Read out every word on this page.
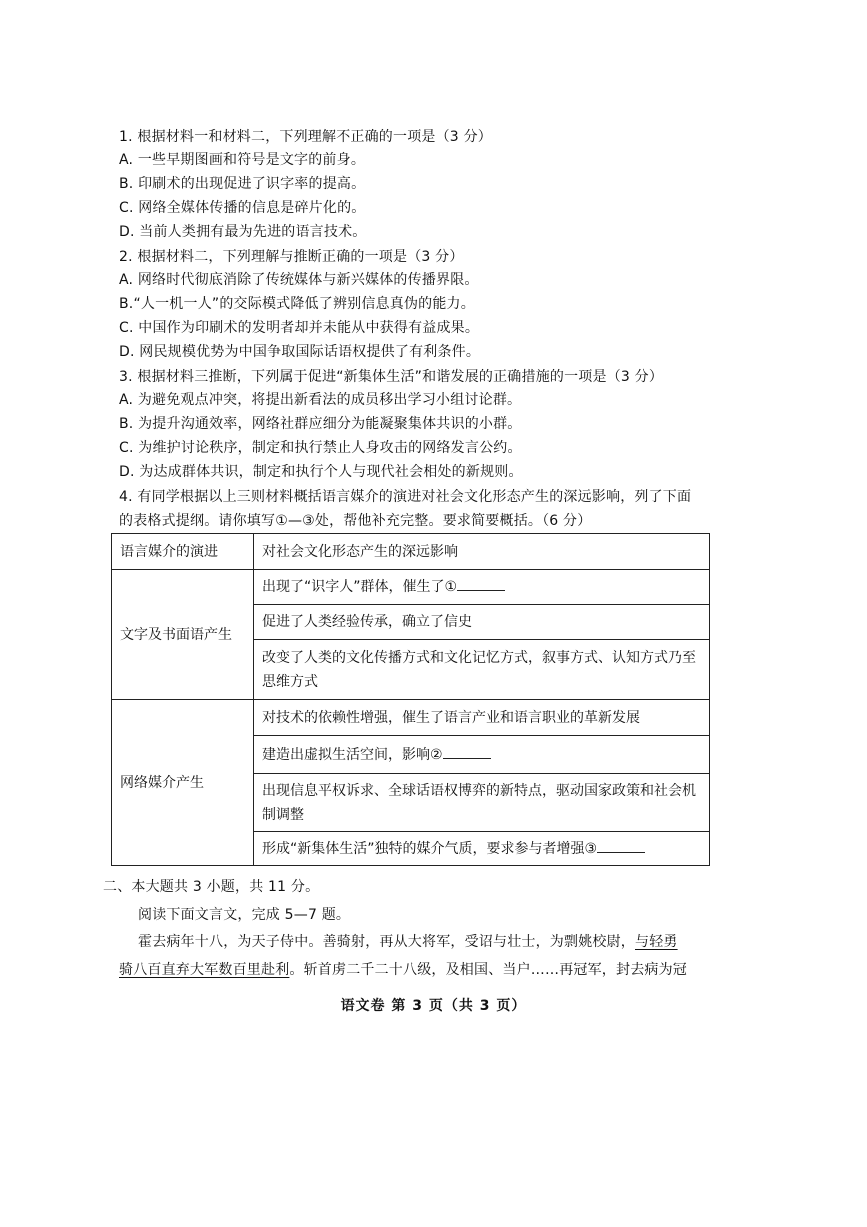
1. 根据材料一和材料二，下列理解不正确的一项是（3 分）
A. 一些早期图画和符号是文字的前身。
B. 印刷术的出现促进了识字率的提高。
C. 网络全媒体传播的信息是碎片化的。
D. 当前人类拥有最为先进的语言技术。
2. 根据材料二，下列理解与推断正确的一项是（3 分）
A. 网络时代彻底消除了传统媒体与新兴媒体的传播界限。
B.“人一机一人”的交际模式降低了辨别信息真伪的能力。
C. 中国作为印刷术的发明者却并未能从中获得有益成果。
D. 网民规模优势为中国争取国际话语权提供了有利条件。
3. 根据材料三推断，下列属于促进“新集体生活”和谐发展的正确措施的一项是（3 分）
A. 为避免观点冲突，将提出新看法的成员移出学习小组讨论群。
B. 为提升沟通效率，网络社群应细分为能凝聚集体共识的小群。
C. 为维护讨论秩序，制定和执行禁止人身攻击的网络发言公约。
D. 为达成群体共识，制定和执行个人与现代社会相处的新规则。
4. 有同学根据以上三则材料概括语言媒介的演进对社会文化形态产生的深远影响，列了下面
的表格式提纲。请你填写①—③处，帮他补充完整。要求简要概括。（6 分）
语言媒介的演进	对社会文化形态产生的深远影响
文字及书面语产生	出现了“识字人”群体，催生了①
	促进了人类经验传承，确立了信史
	改变了人类的文化传播方式和文化记忆方式，叙事方式、认知方式乃至思维方式
网络媒介产生	对技术的依赖性增强，催生了语言产业和语言职业的革新发展
	建造出虚拟生活空间，影响②
	出现信息平权诉求、全球话语权博弈的新特点，驱动国家政策和社会机制调整
	形成“新集体生活”独特的媒介气质，要求参与者增强③
二、本大题共 3 小题，共 11 分。
阅读下面文言文，完成 5—7 题。
霍去病年十八，为天子侍中。善骑射，再从大将军，受诏与壮士，为剽姚校尉，与轻勇
骑八百直弃大军数百里赴利。斩首虏二千二十八级，及相国、当户……再冠军，封去病为冠
语文卷 第 3 页（共 3 页）
